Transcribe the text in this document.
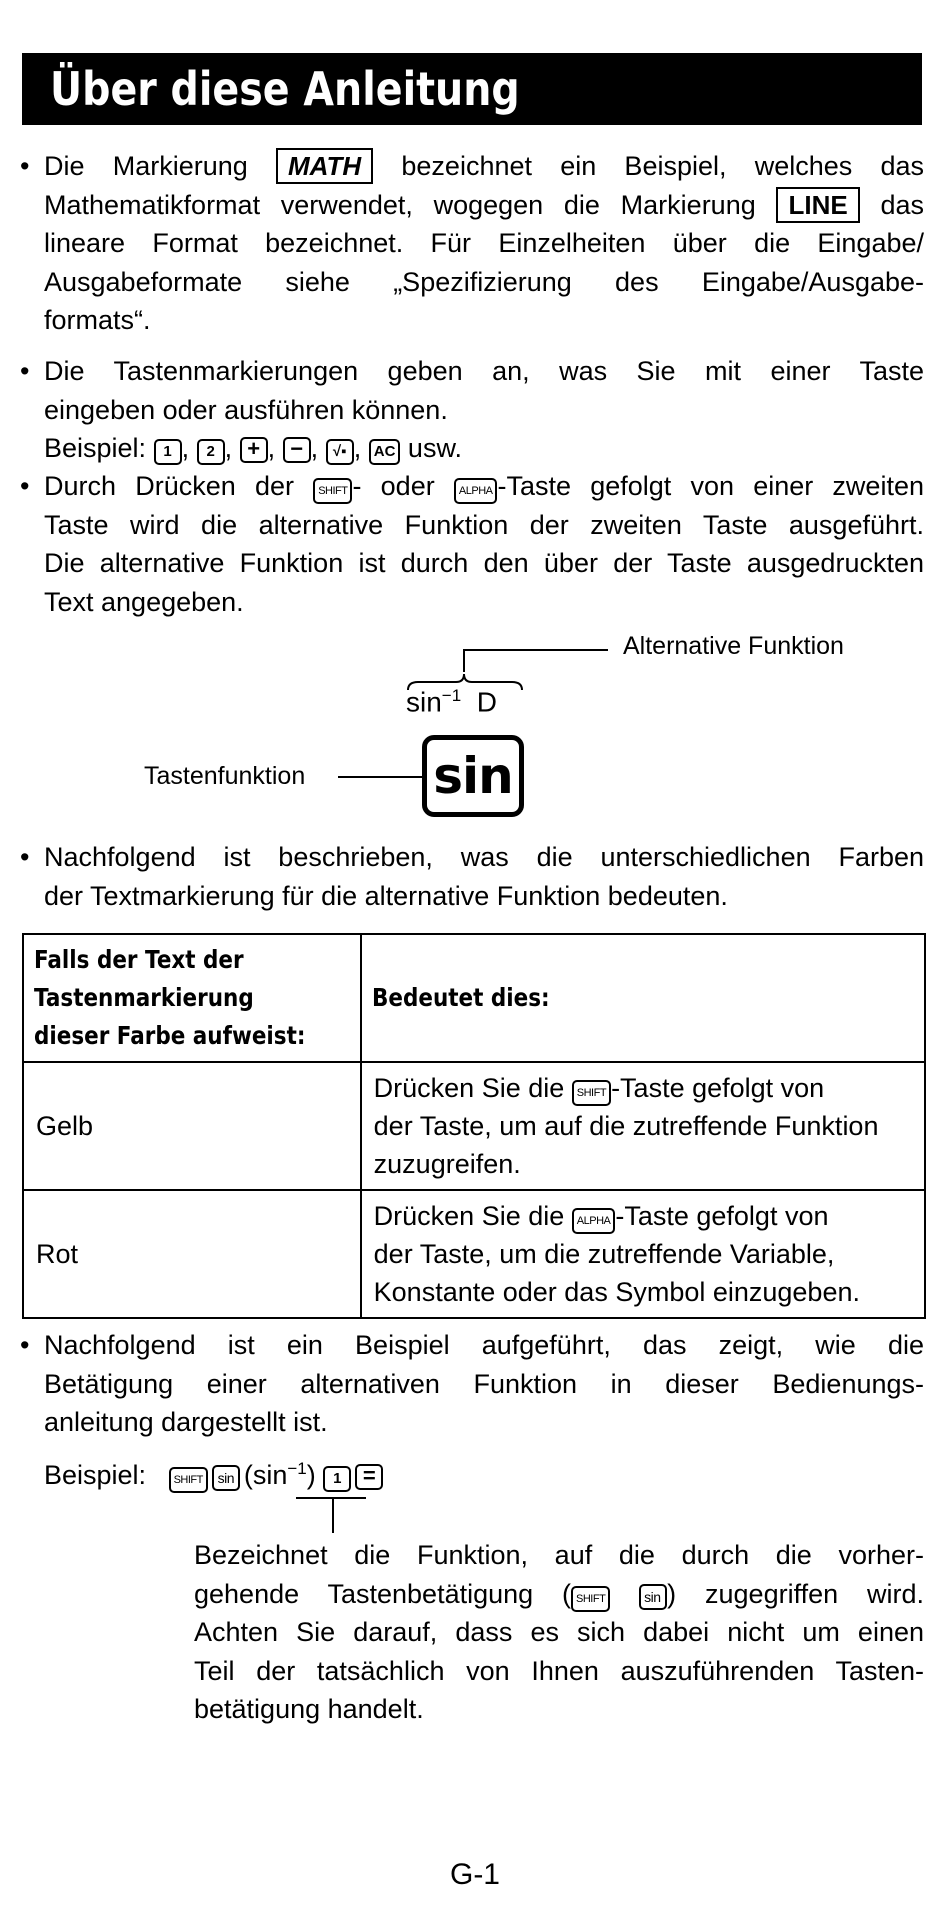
Über diese Anleitung
• Die Markierung MATH bezeichnet ein Beispiel, welches das
Mathematikformat verwendet, wogegen die Markierung LINE das
lineare Format bezeichnet. Für Einzelheiten über die Eingabe/
Ausgabeformate siehe „Spezifizierung des Eingabe/Ausgabe-
formats“.
• Die Tastenmarkierungen geben an, was Sie mit einer Taste
eingeben oder ausführen können.
Beispiel: 1 , 2 , + , − , √▪ , AC usw.
• Durch Drücken der SHIFT - oder ALPHA -Taste gefolgt von einer zweiten
Taste wird die alternative Funktion der zweiten Taste ausgeführt.
Die alternative Funktion ist durch den über der Taste ausgedruckten
Text angegeben.
Alternative Funktion
$\sin^{-1} D$
Tastenfunktion	sin
• Nachfolgend ist beschrieben, was die unterschiedlichen Farben
der Textmarkierung für die alternative Funktion bedeuten.
Falls der Text der
Tastenmarkierung
dieser Farbe aufweist:	Bedeutet dies:
Gelb	Drücken Sie die SHIFT -Taste gefolgt von
der Taste, um auf die zutreffende Funktion
zuzugreifen.
Rot	Drücken Sie die ALPHA -Taste gefolgt von
der Taste, um die zutreffende Variable,
Konstante oder das Symbol einzugeben.
• Nachfolgend ist ein Beispiel aufgeführt, das zeigt, wie die
Betätigung einer alternativen Funktion in dieser Bedienungs-
anleitung dargestellt ist.
Beispiel:	SHIFT $\sin (\sin^{-1}) 1$ =
Bezeichnet die Funktion, auf die durch die vorher-
gehende Tastenbetätigung ( SHIFT	sin ) zugegriffen wird.
Achten Sie darauf, dass es sich dabei nicht um einen
Teil der tatsächlich von Ihnen auszuführenden Tasten-
betätigung handelt.
G-1
